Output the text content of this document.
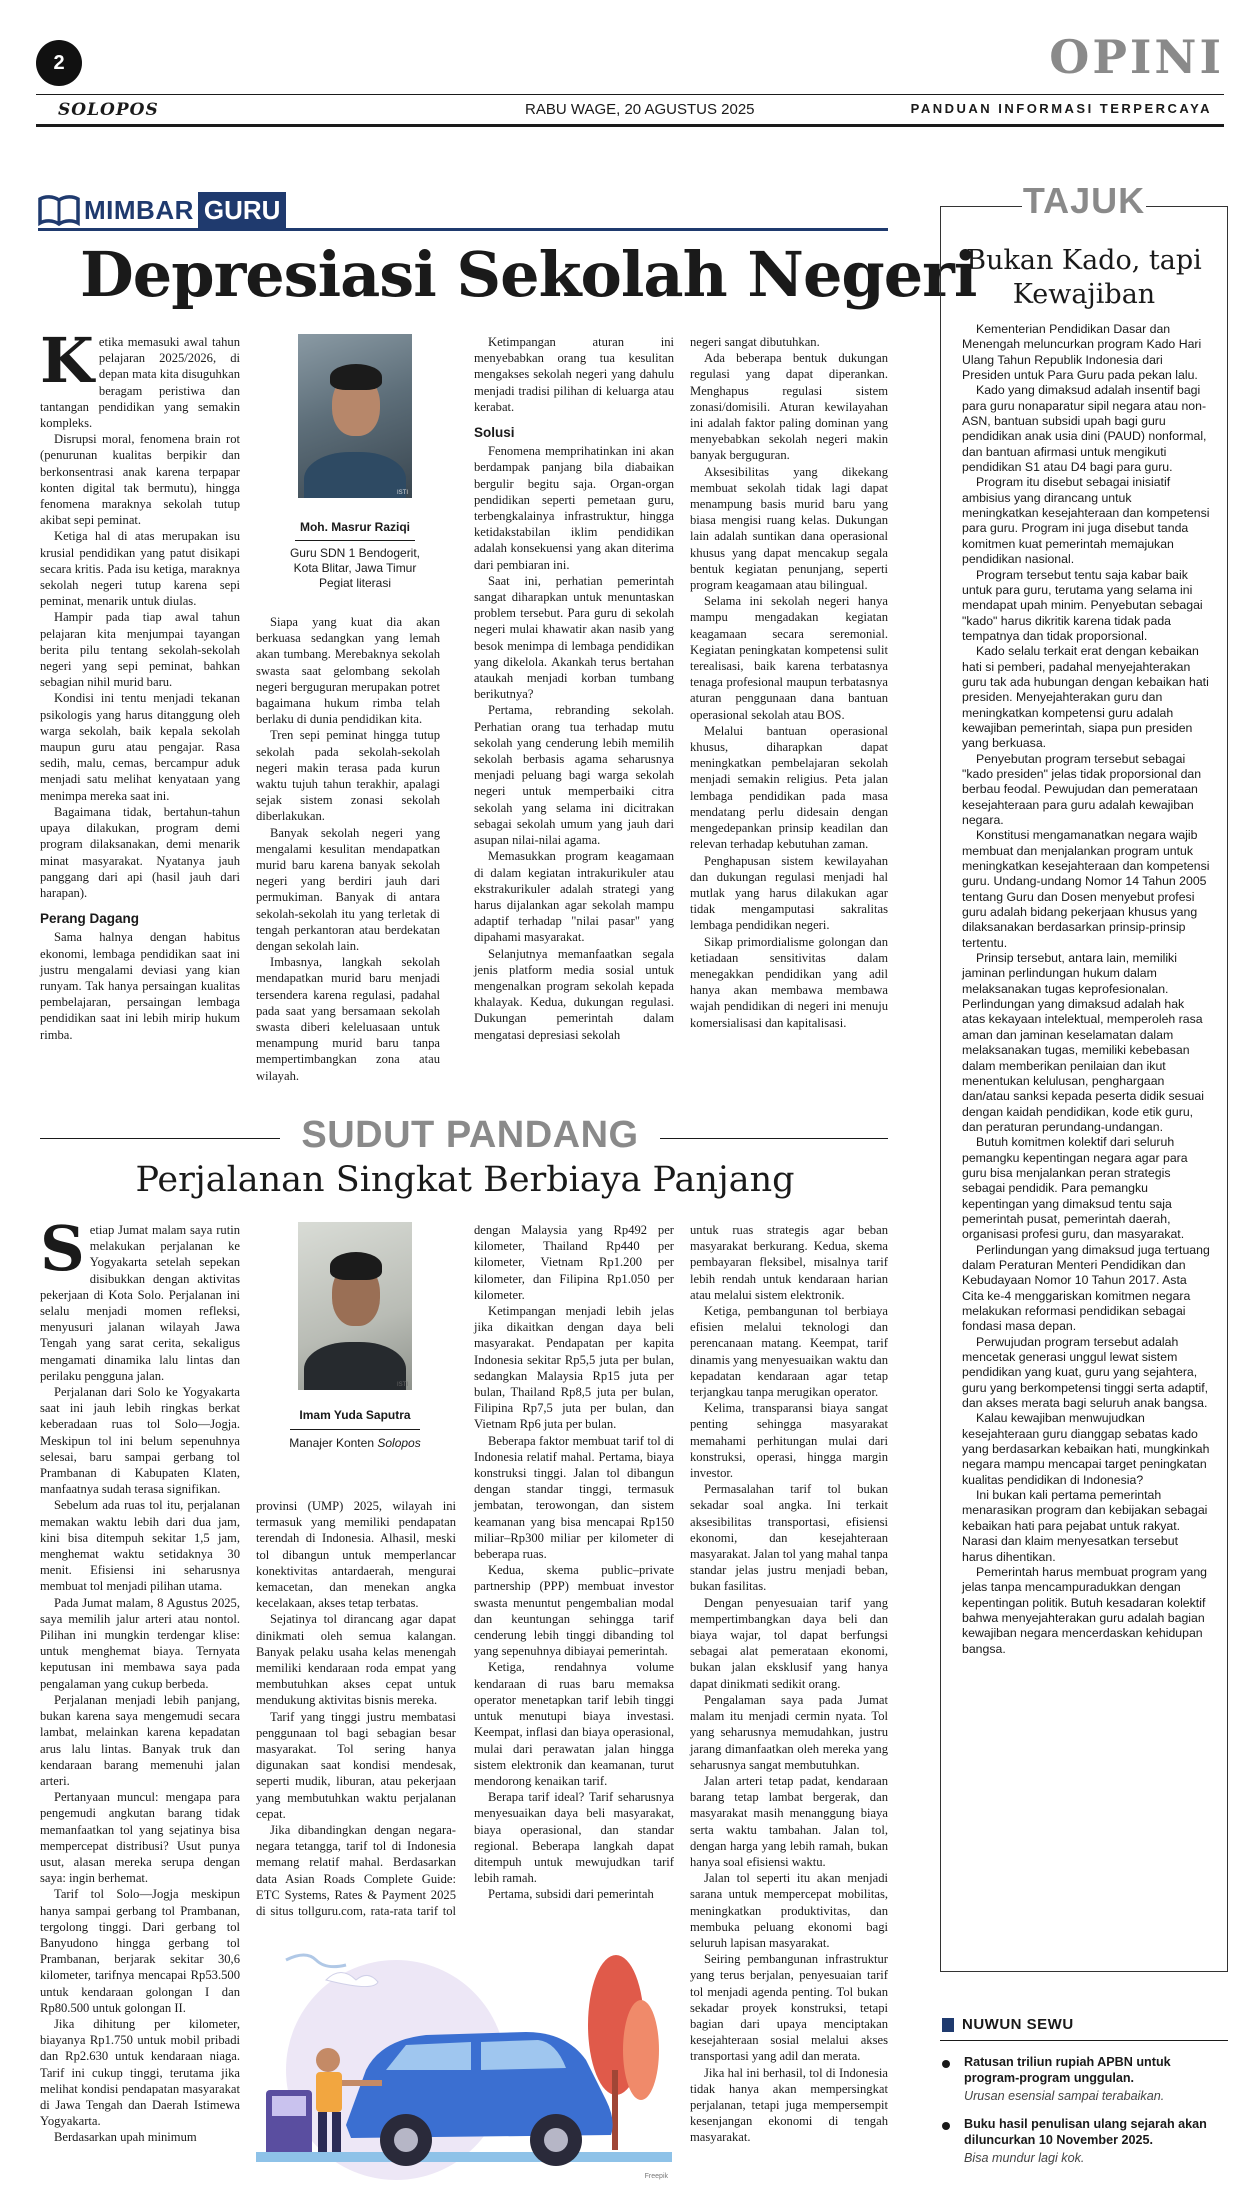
2	OPINI
SOLOPOS	RABU WAGE, 20 AGUSTUS 2025	PANDUAN INFORMASI TERPERCAYA
MIMBAR GURU
Depresiasi Sekolah Negeri
K etika memasuki awal tahun pelajaran 2025/2026, di depan mata kita disuguhkan beragam peristiwa dan tantangan pendidikan yang semakin kompleks.

Disrupsi moral, fenomena brain rot (penurunan kualitas berpikir dan berkonsentrasi anak karena terpapar konten digital tak bermutu), hingga fenomena maraknya sekolah tutup akibat sepi peminat.

Ketiga hal di atas merupakan isu krusial pendidikan yang patut disikapi secara kritis. Pada isu ketiga, maraknya sekolah negeri tutup karena sepi peminat, menarik untuk diulas.

Hampir pada tiap awal tahun pelajaran kita menjumpai tayangan berita pilu tentang sekolah-sekolah negeri yang sepi peminat, bahkan sebagian nihil murid baru.

Kondisi ini tentu menjadi tekanan psikologis yang harus ditanggung oleh warga sekolah, baik kepala sekolah maupun guru atau pengajar. Rasa sedih, malu, cemas, bercampur aduk menjadi satu melihat kenyataan yang menimpa mereka saat ini.

Bagaimana tidak, bertahun-tahun upaya dilakukan, program demi program dilaksanakan, demi menarik minat masyarakat. Nyatanya jauh panggang dari api (hasil jauh dari harapan).

Perang Dagang

Sama halnya dengan habitus ekonomi, lembaga pendidikan saat ini justru mengalami deviasi yang kian runyam. Tak hanya persaingan kualitas pembelajaran, persaingan lembaga pendidikan saat ini lebih mirip hukum rimba.

ISTI
Moh. Masrur Raziqi
Guru SDN 1 Bendogerit, Kota Blitar, Jawa Timur Pegiat literasi

Siapa yang kuat dia akan berkuasa sedangkan yang lemah akan tumbang. Merebaknya sekolah swasta saat gelombang sekolah negeri berguguran merupakan potret bagaimana hukum rimba telah berlaku di dunia pendidikan kita.

Tren sepi peminat hingga tutup sekolah pada sekolah-sekolah negeri makin terasa pada kurun waktu tujuh tahun terakhir, apalagi sejak sistem zonasi sekolah diberlakukan.

Banyak sekolah negeri yang mengalami kesulitan mendapatkan murid baru karena banyak sekolah negeri yang berdiri jauh dari permukiman. Banyak di antara sekolah-sekolah itu yang terletak di tengah perkantoran atau berdekatan dengan sekolah lain.

Imbasnya, langkah sekolah mendapatkan murid baru menjadi tersendera karena regulasi, padahal pada saat yang bersamaan sekolah swasta diberi keleluasaan untuk menampung murid baru tanpa mempertimbangkan zona atau wilayah.

Ketimpangan aturan ini menyebabkan orang tua kesulitan mengakses sekolah negeri yang dahulu menjadi tradisi pilihan di keluarga atau kerabat.

Solusi

Fenomena memprihatinkan ini akan berdampak panjang bila diabaikan bergulir begitu saja. Organ-organ pendidikan seperti pemetaan guru, terbengkalainya infrastruktur, hingga ketidakstabilan iklim pendidikan adalah konsekuensi yang akan diterima dari pembiaran ini.

Saat ini, perhatian pemerintah sangat diharapkan untuk menuntaskan problem tersebut. Para guru di sekolah negeri mulai khawatir akan nasib yang besok menimpa di lembaga pendidikan yang dikelola. Akankah terus bertahan ataukah menjadi korban tumbang berikutnya?

Pertama, rebranding sekolah. Perhatian orang tua terhadap mutu sekolah yang cenderung lebih memilih sekolah berbasis agama seharusnya menjadi peluang bagi warga sekolah negeri untuk memperbaiki citra sekolah yang selama ini dicitrakan sebagai sekolah umum yang jauh dari asupan nilai-nilai agama.

Memasukkan program keagamaan di dalam kegiatan intrakurikuler atau ekstrakurikuler adalah strategi yang harus dijalankan agar sekolah mampu adaptif terhadap "nilai pasar" yang dipahami masyarakat.

Selanjutnya memanfaatkan segala jenis platform media sosial untuk mengenalkan program sekolah kepada khalayak. Kedua, dukungan regulasi. Dukungan pemerintah dalam mengatasi depresiasi sekolah

negeri sangat dibutuhkan.

Ada beberapa bentuk dukungan regulasi yang dapat diperankan. Menghapus regulasi sistem zonasi/domisili. Aturan kewilayahan ini adalah faktor paling dominan yang menyebabkan sekolah negeri makin banyak berguguran.

Aksesibilitas yang dikekang membuat sekolah tidak lagi dapat menampung basis murid baru yang biasa mengisi ruang kelas. Dukungan lain adalah suntikan dana operasional khusus yang dapat mencakup segala bentuk kegiatan penunjang, seperti program keagamaan atau bilingual.

Selama ini sekolah negeri hanya mampu mengadakan kegiatan keagamaan secara seremonial. Kegiatan peningkatan kompetensi sulit terealisasi, baik karena terbatasnya tenaga profesional maupun terbatasnya aturan penggunaan dana bantuan operasional sekolah atau BOS.

Melalui bantuan operasional khusus, diharapkan dapat meningkatkan pembelajaran sekolah menjadi semakin religius. Peta jalan lembaga pendidikan pada masa mendatang perlu didesain dengan mengedepankan prinsip keadilan dan relevan terhadap kebutuhan zaman.

Penghapusan sistem kewilayahan dan dukungan regulasi menjadi hal mutlak yang harus dilakukan agar tidak mengamputasi sakralitas lembaga pendidikan negeri.

Sikap primordialisme golongan dan ketiadaan sensitivitas dalam menegakkan pendidikan yang adil hanya akan membawa membawa wajah pendidikan di negeri ini menuju komersialisasi dan kapitalisasi.

SUDUT PANDANG
Perjalanan Singkat Berbiaya Panjang
S etiap Jumat malam saya rutin melakukan perjalanan ke Yogyakarta setelah sepekan disibukkan dengan aktivitas pekerjaan di Kota Solo. Perjalanan ini selalu menjadi momen refleksi, menyusuri jalanan wilayah Jawa Tengah yang sarat cerita, sekaligus mengamati dinamika lalu lintas dan perilaku pengguna jalan.

Perjalanan dari Solo ke Yogyakarta saat ini jauh lebih ringkas berkat keberadaan ruas tol Solo—Jogja. Meskipun tol ini belum sepenuhnya selesai, baru sampai gerbang tol Prambanan di Kabupaten Klaten, manfaatnya sudah terasa signifikan.

Sebelum ada ruas tol itu, perjalanan memakan waktu lebih dari dua jam, kini bisa ditempuh sekitar 1,5 jam, menghemat waktu setidaknya 30 menit. Efisiensi ini seharusnya membuat tol menjadi pilihan utama.

Pada Jumat malam, 8 Agustus 2025, saya memilih jalur arteri atau nontol. Pilihan ini mungkin terdengar klise: untuk menghemat biaya. Ternyata keputusan ini membawa saya pada pengalaman yang cukup berbeda.

Perjalanan menjadi lebih panjang, bukan karena saya mengemudi secara lambat, melainkan karena kepadatan arus lalu lintas. Banyak truk dan kendaraan barang memenuhi jalan arteri.

Pertanyaan muncul: mengapa para pengemudi angkutan barang tidak memanfaatkan tol yang sejatinya bisa mempercepat distribusi? Usut punya usut, alasan mereka serupa dengan saya: ingin berhemat.

Tarif tol Solo—Jogja meskipun hanya sampai gerbang tol Prambanan, tergolong tinggi. Dari gerbang tol Banyudono hingga gerbang tol Prambanan, berjarak sekitar 30,6 kilometer, tarifnya mencapai Rp53.500 untuk kendaraan golongan I dan Rp80.500 untuk golongan II.

Jika dihitung per kilometer, biayanya Rp1.750 untuk mobil pribadi dan Rp2.630 untuk kendaraan niaga. Tarif ini cukup tinggi, terutama jika melihat kondisi pendapatan masyarakat di Jawa Tengah dan Daerah Istimewa Yogyakarta.

Berdasarkan upah minimum

ISTI
Imam Yuda Saputra
Manajer Konten Solopos

provinsi (UMP) 2025, wilayah ini termasuk yang memiliki pendapatan terendah di Indonesia. Alhasil, meski tol dibangun untuk memperlancar konektivitas antardaerah, mengurai kemacetan, dan menekan angka kecelakaan, akses tetap terbatas.

Sejatinya tol dirancang agar dapat dinikmati oleh semua kalangan. Banyak pelaku usaha kelas menengah memiliki kendaraan roda empat yang membutuhkan akses cepat untuk mendukung aktivitas bisnis mereka.

Tarif yang tinggi justru membatasi penggunaan tol bagi sebagian besar masyarakat. Tol sering hanya digunakan saat kondisi mendesak, seperti mudik, liburan, atau pekerjaan yang membutuhkan waktu perjalanan cepat.

Jika dibandingkan dengan negara-negara tetangga, tarif tol di Indonesia memang relatif mahal. Berdasarkan data Asian Roads Complete Guide: ETC Systems, Rates & Payment 2025 di situs tollguru.com, rata-rata tarif tol

dengan Malaysia yang Rp492 per kilometer, Thailand Rp440 per kilometer, Vietnam Rp1.200 per kilometer, dan Filipina Rp1.050 per kilometer.

Ketimpangan menjadi lebih jelas jika dikaitkan dengan daya beli masyarakat. Pendapatan per kapita Indonesia sekitar Rp5,5 juta per bulan, sedangkan Malaysia Rp15 juta per bulan, Thailand Rp8,5 juta per bulan, Filipina Rp7,5 juta per bulan, dan Vietnam Rp6 juta per bulan.

Beberapa faktor membuat tarif tol di Indonesia relatif mahal. Pertama, biaya konstruksi tinggi. Jalan tol dibangun dengan standar tinggi, termasuk jembatan, terowongan, dan sistem keamanan yang bisa mencapai Rp150 miliar–Rp300 miliar per kilometer di beberapa ruas.

Kedua, skema public–private partnership (PPP) membuat investor swasta menuntut pengembalian modal dan keuntungan sehingga tarif cenderung lebih tinggi dibanding tol yang sepenuhnya dibiayai pemerintah.

Ketiga, rendahnya volume kendaraan di ruas baru memaksa operator menetapkan tarif lebih tinggi untuk menutupi biaya investasi. Keempat, inflasi dan biaya operasional, mulai dari perawatan jalan hingga sistem elektronik dan keamanan, turut mendorong kenaikan tarif.

Berapa tarif ideal? Tarif seharusnya menyesuaikan daya beli masyarakat, biaya operasional, dan standar regional. Beberapa langkah dapat ditempuh untuk mewujudkan tarif lebih ramah.

Pertama, subsidi dari pemerintah

untuk ruas strategis agar beban masyarakat berkurang. Kedua, skema pembayaran fleksibel, misalnya tarif lebih rendah untuk kendaraan harian atau melalui sistem elektronik.

Ketiga, pembangunan tol berbiaya efisien melalui teknologi dan perencanaan matang. Keempat, tarif dinamis yang menyesuaikan waktu dan kepadatan kendaraan agar tetap terjangkau tanpa merugikan operator.

Kelima, transparansi biaya sangat penting sehingga masyarakat memahami perhitungan mulai dari konstruksi, operasi, hingga margin investor.

Permasalahan tarif tol bukan sekadar soal angka. Ini terkait aksesibilitas transportasi, efisiensi ekonomi, dan kesejahteraan masyarakat. Jalan tol yang mahal tanpa standar jelas justru menjadi beban, bukan fasilitas.

Dengan penyesuaian tarif yang mempertimbangkan daya beli dan biaya wajar, tol dapat berfungsi sebagai alat pemerataan ekonomi, bukan jalan eksklusif yang hanya dapat dinikmati sedikit orang.

Pengalaman saya pada Jumat malam itu menjadi cermin nyata. Tol yang seharusnya memudahkan, justru jarang dimanfaatkan oleh mereka yang seharusnya sangat membutuhkan.

Jalan arteri tetap padat, kendaraan barang tetap lambat bergerak, dan masyarakat masih menanggung biaya serta waktu tambahan. Jalan tol, dengan harga yang lebih ramah, bukan hanya soal efisiensi waktu.

Jalan tol seperti itu akan menjadi sarana untuk mempercepat mobilitas, meningkatkan produktivitas, dan membuka peluang ekonomi bagi seluruh lapisan masyarakat.

Seiring pembangunan infrastruktur yang terus berjalan, penyesuaian tarif tol menjadi agenda penting. Tol bukan sekadar proyek konstruksi, tetapi bagian dari upaya menciptakan kesejahteraan sosial melalui akses transportasi yang adil dan merata.

Jika hal ini berhasil, tol di Indonesia tidak hanya akan mempersingkat perjalanan, tetapi juga mempersempit kesenjangan ekonomi di tengah masyarakat.

Freepik
TAJUK
Bukan Kado, tapi Kewajiban

Kementerian Pendidikan Dasar dan Menengah meluncurkan program Kado Hari Ulang Tahun Republik Indonesia dari Presiden untuk Para Guru pada pekan lalu.

Kado yang dimaksud adalah insentif bagi para guru nonaparatur sipil negara atau non-ASN, bantuan subsidi upah bagi guru pendidikan anak usia dini (PAUD) nonformal, dan bantuan afirmasi untuk mengikuti pendidikan S1 atau D4 bagi para guru.

Program itu disebut sebagai inisiatif ambisius yang dirancang untuk meningkatkan kesejahteraan dan kompetensi para guru. Program ini juga disebut tanda komitmen kuat pemerintah memajukan pendidikan nasional.

Program tersebut tentu saja kabar baik untuk para guru, terutama yang selama ini mendapat upah minim. Penyebutan sebagai "kado" harus dikritik karena tidak pada tempatnya dan tidak proporsional.

Kado selalu terkait erat dengan kebaikan hati si pemberi, padahal menyejahterakan guru tak ada hubungan dengan kebaikan hati presiden. Menyejahterakan guru dan meningkatkan kompetensi guru adalah kewajiban pemerintah, siapa pun presiden yang berkuasa.

Penyebutan program tersebut sebagai "kado presiden" jelas tidak proporsional dan berbau feodal. Pewujudan dan pemerataan kesejahteraan para guru adalah kewajiban negara.

Konstitusi mengamanatkan negara wajib membuat dan menjalankan program untuk meningkatkan kesejahteraan dan kompetensi guru. Undang-undang Nomor 14 Tahun 2005 tentang Guru dan Dosen menyebut profesi guru adalah bidang pekerjaan khusus yang dilaksanakan berdasarkan prinsip-prinsip tertentu.

Prinsip tersebut, antara lain, memiliki jaminan perlindungan hukum dalam melaksanakan tugas keprofesionalan. Perlindungan yang dimaksud adalah hak atas kekayaan intelektual, memperoleh rasa aman dan jaminan keselamatan dalam melaksanakan tugas, memiliki kebebasan dalam memberikan penilaian dan ikut menentukan kelulusan, penghargaan dan/atau sanksi kepada peserta didik sesuai dengan kaidah pendidikan, kode etik guru, dan peraturan perundang-undangan.

Butuh komitmen kolektif dari seluruh pemangku kepentingan negara agar para guru bisa menjalankan peran strategis sebagai pendidik. Para pemangku kepentingan yang dimaksud tentu saja pemerintah pusat, pemerintah daerah, organisasi profesi guru, dan masyarakat.

Perlindungan yang dimaksud juga tertuang dalam Peraturan Menteri Pendidikan dan Kebudayaan Nomor 10 Tahun 2017. Asta Cita ke-4 menggariskan komitmen negara melakukan reformasi pendidikan sebagai fondasi masa depan.

Perwujudan program tersebut adalah mencetak generasi unggul lewat sistem pendidikan yang kuat, guru yang sejahtera, guru yang berkompetensi tinggi serta adaptif, dan akses merata bagi seluruh anak bangsa.

Kalau kewajiban menwujudkan kesejahteraan guru dianggap sebatas kado yang berdasarkan kebaikan hati, mungkinkah negara mampu mencapai target peningkatan kualitas pendidikan di Indonesia?

Ini bukan kali pertama pemerintah menarasikan program dan kebijakan sebagai kebaikan hati para pejabat untuk rakyat. Narasi dan klaim menyesatkan tersebut harus dihentikan.

Pemerintah harus membuat program yang jelas tanpa mencampuradukkan dengan kepentingan politik. Butuh kesadaran kolektif bahwa menyejahterakan guru adalah bagian kewajiban negara mencerdaskan kehidupan bangsa.

NUWUN SEWU
Ratusan triliun rupiah APBN untuk program-program unggulan.
Urusan esensial sampai terabaikan.
Buku hasil penulisan ulang sejarah akan diluncurkan 10 November 2025.
Bisa mundur lagi kok.
